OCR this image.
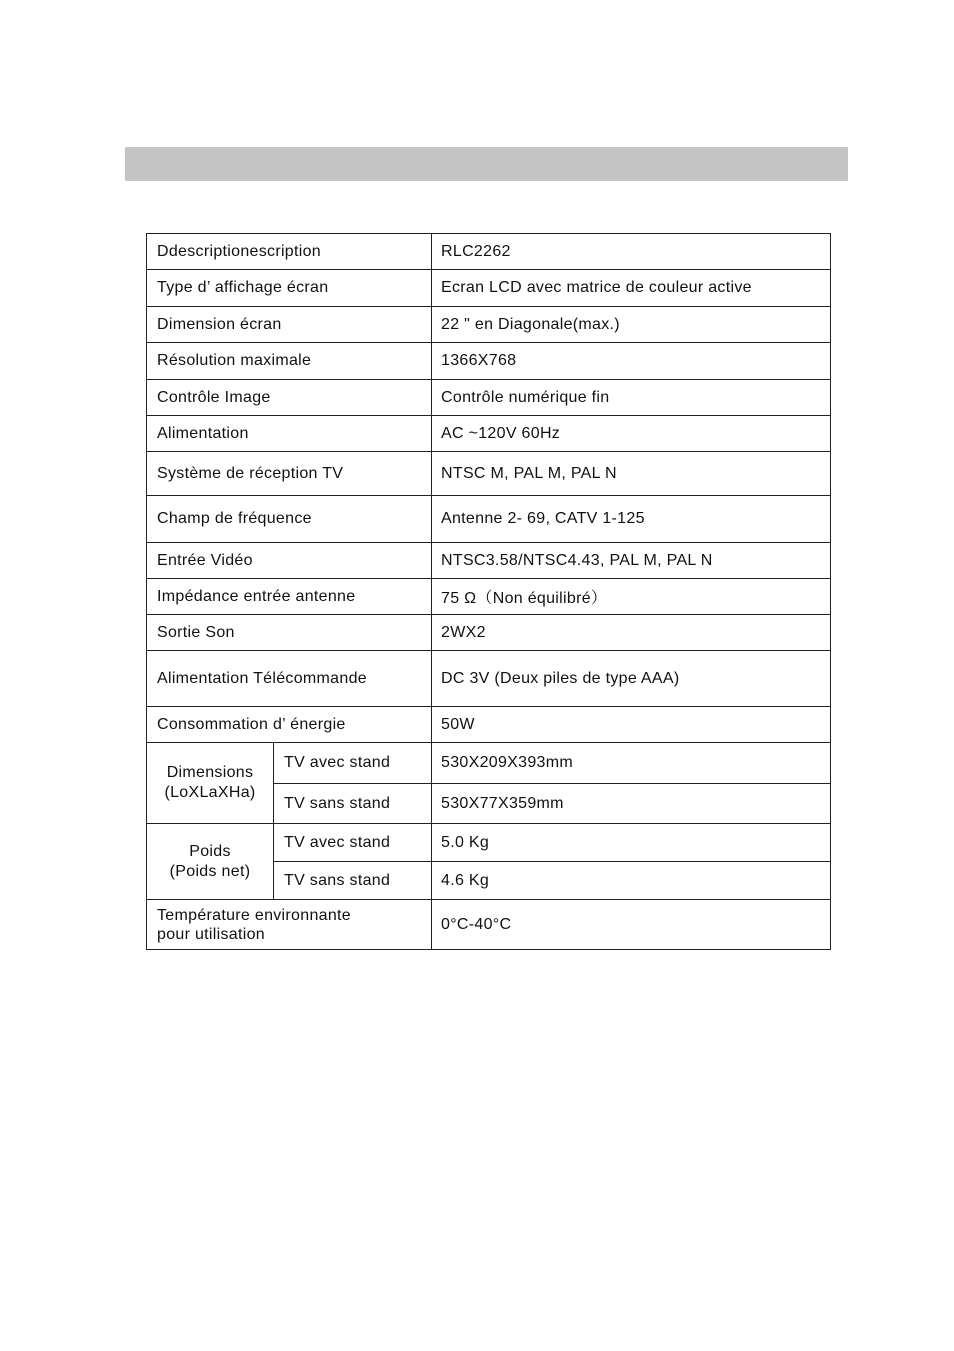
Ddescriptionescription		RLC2262
Type d’ affichage écran		Ecran LCD avec matrice de couleur active
Dimension écran		22 " en Diagonale(max.)
Résolution maximale		1366X768
Contrôle Image		Contrôle numérique fin
Alimentation		AC ~120V 60Hz
Système de réception TV		NTSC M, PAL M, PAL N
Champ de fréquence		Antenne 2- 69, CATV 1-125
Entrée Vidéo		NTSC3.58/NTSC4.43, PAL M, PAL N
Impédance entrée antenne		75 Ω（Non équilibré）
Sortie Son		2WX2
Alimentation Télécommande		DC 3V (Deux piles de type AAA)
Consommation d’ énergie		50W
Dimensions
(LoXLaXHa)	TV avec stand	530X209X393mm
	TV sans stand	530X77X359mm
Poids
(Poids net)	TV avec stand	5.0 Kg
	TV sans stand	4.6 Kg
Température environnante
pour utilisation		0°C-40°C
